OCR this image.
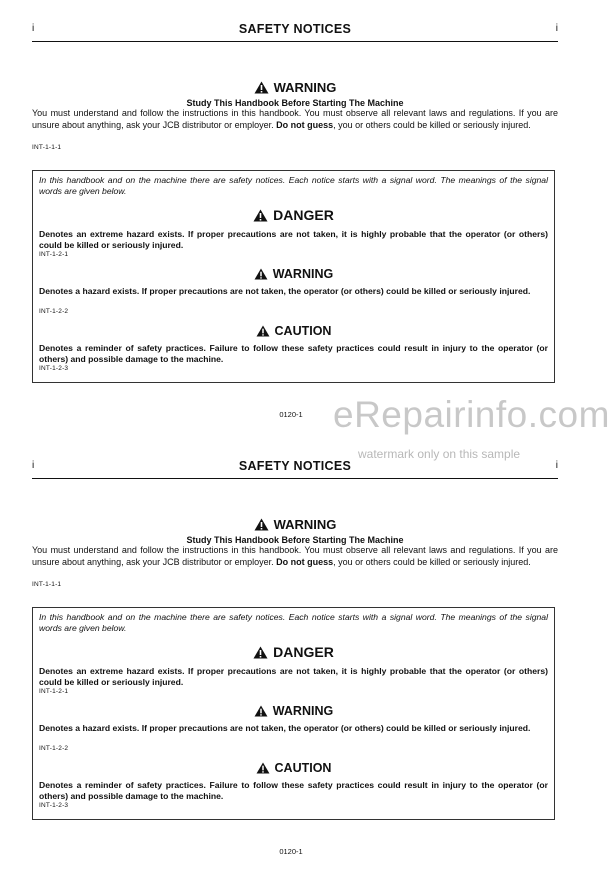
i	SAFETY NOTICES	i
WARNING
Study This Handbook Before Starting The Machine
You must understand and follow the instructions in this handbook. You must observe all relevant laws and regulations. If you are unsure about anything, ask your JCB distributor or employer. Do not guess, you or others could be killed or seriously injured.
INT-1-1-1
In this handbook and on the machine there are safety notices. Each notice starts with a signal word. The meanings of the signal words are given below.
DANGER
Denotes an extreme hazard exists. If proper precautions are not taken, it is highly probable that the operator (or others) could be killed or seriously injured.
INT-1-2-1
WARNING
Denotes a hazard exists. If proper precautions are not taken, the operator (or others) could be killed or seriously injured.
INT-1-2-2
CAUTION
Denotes a reminder of safety practices. Failure to follow these safety practices could result in injury to the operator (or others) and possible damage to the machine.
INT-1-2-3
0120-1
i	SAFETY NOTICES	i
WARNING
Study This Handbook Before Starting The Machine
You must understand and follow the instructions in this handbook. You must observe all relevant laws and regulations. If you are unsure about anything, ask your JCB distributor or employer. Do not guess, you or others could be killed or seriously injured.
INT-1-1-1
In this handbook and on the machine there are safety notices. Each notice starts with a signal word. The meanings of the signal words are given below.
DANGER
Denotes an extreme hazard exists. If proper precautions are not taken, it is highly probable that the operator (or others) could be killed or seriously injured.
INT-1-2-1
WARNING
Denotes a hazard exists. If proper precautions are not taken, the operator (or others) could be killed or seriously injured.
INT-1-2-2
CAUTION
Denotes a reminder of safety practices. Failure to follow these safety practices could result in injury to the operator (or others) and possible damage to the machine.
INT-1-2-3
0120-1
eRepairinfo.com
watermark only on this sample
